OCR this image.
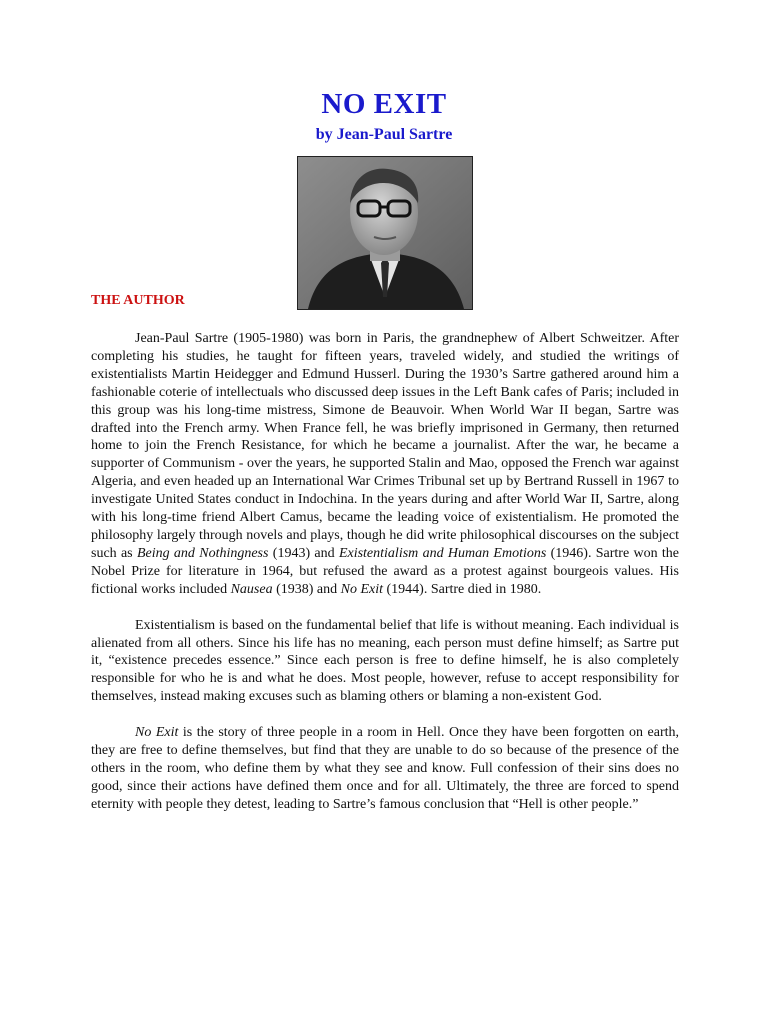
NO EXIT
by Jean-Paul Sartre
THE AUTHOR

Jean-Paul Sartre (1905-1980) was born in Paris, the grandnephew of Albert Schweitzer. After completing his studies, he taught for fifteen years, traveled widely, and studied the writings of existentialists Martin Heidegger and Edmund Husserl. During the 1930’s Sartre gathered around him a fashionable coterie of intellectuals who discussed deep issues in the Left Bank cafes of Paris; included in this group was his long-time mistress, Simone de Beauvoir. When World War II began, Sartre was drafted into the French army. When France fell, he was briefly imprisoned in Germany, then returned home to join the French Resistance, for which he became a journalist. After the war, he became a supporter of Communism - over the years, he supported Stalin and Mao, opposed the French war against Algeria, and even headed up an International War Crimes Tribunal set up by Bertrand Russell in 1967 to investigate United States conduct in Indochina. In the years during and after World War II, Sartre, along with his long-time friend Albert Camus, became the leading voice of existentialism. He promoted the philosophy largely through novels and plays, though he did write philosophical discourses on the subject such as Being and Nothingness (1943) and Existentialism and Human Emotions (1946). Sartre won the Nobel Prize for literature in 1964, but refused the award as a protest against bourgeois values. His fictional works included Nausea (1938) and No Exit (1944). Sartre died in 1980.

Existentialism is based on the fundamental belief that life is without meaning. Each individual is alienated from all others. Since his life has no meaning, each person must define himself; as Sartre put it, “existence precedes essence.” Since each person is free to define himself, he is also completely responsible for who he is and what he does. Most people, however, refuse to accept responsibility for themselves, instead making excuses such as blaming others or blaming a non-existent God.

No Exit is the story of three people in a room in Hell. Once they have been forgotten on earth, they are free to define themselves, but find that they are unable to do so because of the presence of the others in the room, who define them by what they see and know. Full confession of their sins does no good, since their actions have defined them once and for all. Ultimately, the three are forced to spend eternity with people they detest, leading to Sartre’s famous conclusion that “Hell is other people.”
